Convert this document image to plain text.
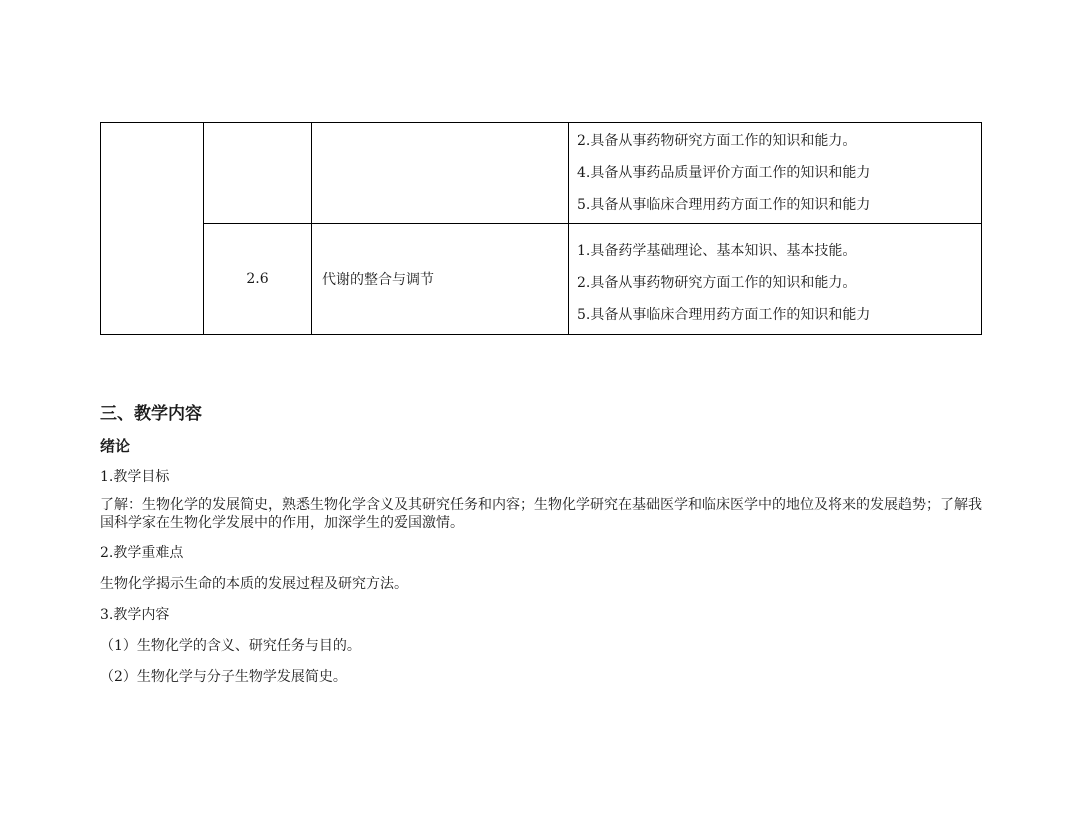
			2.具备从事药物研究方面工作的知识和能力。
4.具备从事药品质量评价方面工作的知识和能力
5.具备从事临床合理用药方面工作的知识和能力

	2.6	代谢的整合与调节	1.具备药学基础理论、基本知识、基本技能。
2.具备从事药物研究方面工作的知识和能力。
5.具备从事临床合理用药方面工作的知识和能力
三、教学内容
绪论

1.教学目标

了解：生物化学的发展简史，熟悉生物化学含义及其研究任务和内容；生物化学研究在基础医学和临床医学中的地位及将来的发展趋势；了解我国科学家在生物化学发展中的作用，加深学生的爱国激情。

2.教学重难点

生物化学揭示生命的本质的发展过程及研究方法。

3.教学内容

（1）生物化学的含义、研究任务与目的。

（2）生物化学与分子生物学发展简史。
